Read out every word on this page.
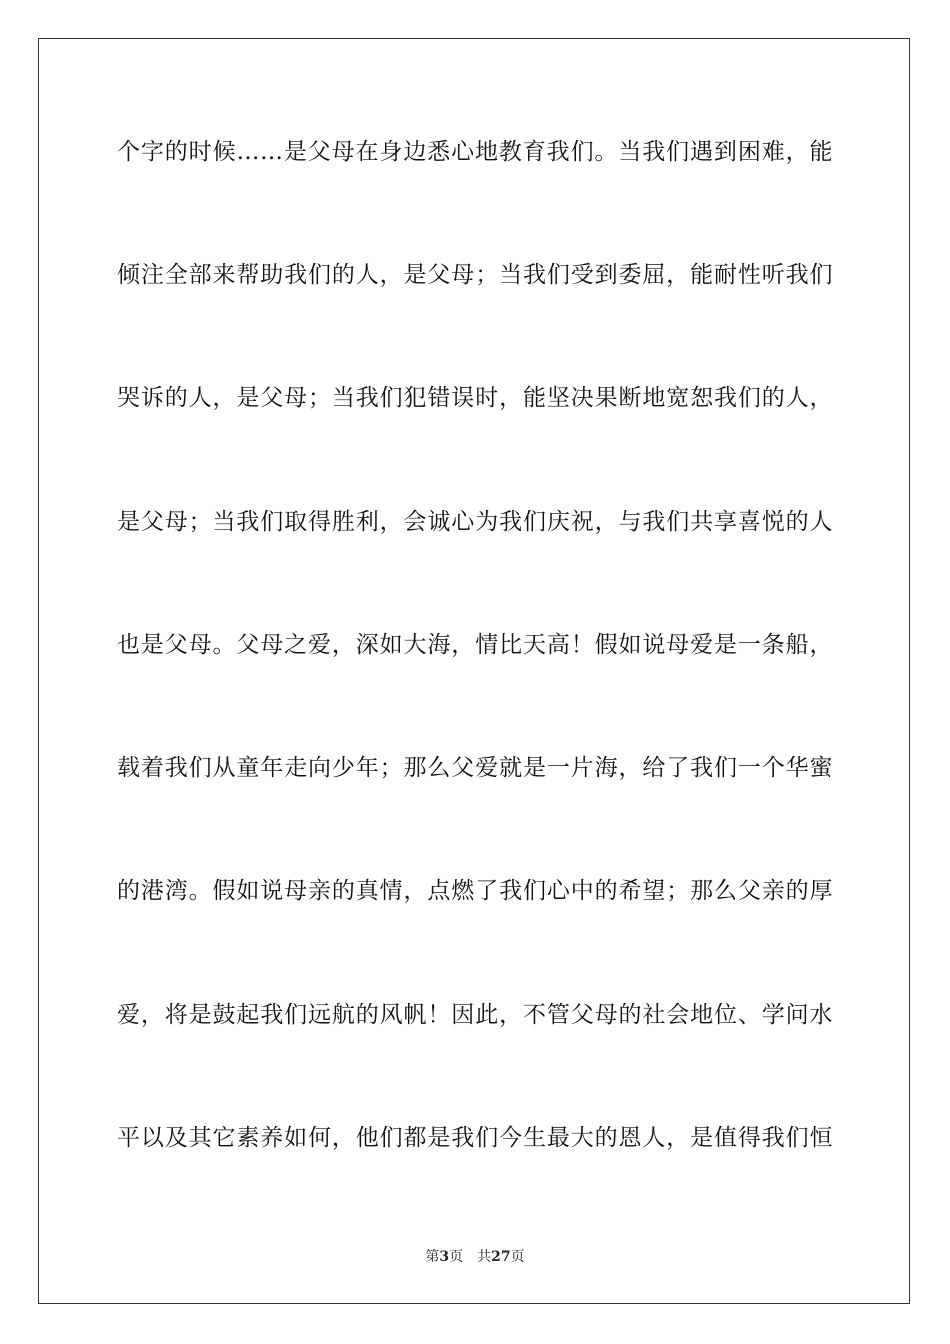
个字的时候……是父母在身边悉心地教育我们。当我们遇到困难，能
倾注全部来帮助我们的人，是父母；当我们受到委屈，能耐性听我们
哭诉的人，是父母；当我们犯错误时，能坚决果断地宽恕我们的人，
是父母；当我们取得胜利，会诚心为我们庆祝，与我们共享喜悦的人
也是父母。父母之爱，深如大海，情比天高！假如说母爱是一条船，
载着我们从童年走向少年；那么父爱就是一片海，给了我们一个华蜜
的港湾。假如说母亲的真情，点燃了我们心中的希望；那么父亲的厚
爱，将是鼓起我们远航的风帆！因此，不管父母的社会地位、学问水
平以及其它素养如何，他们都是我们今生最大的恩人，是值得我们恒
第3页 共27页
